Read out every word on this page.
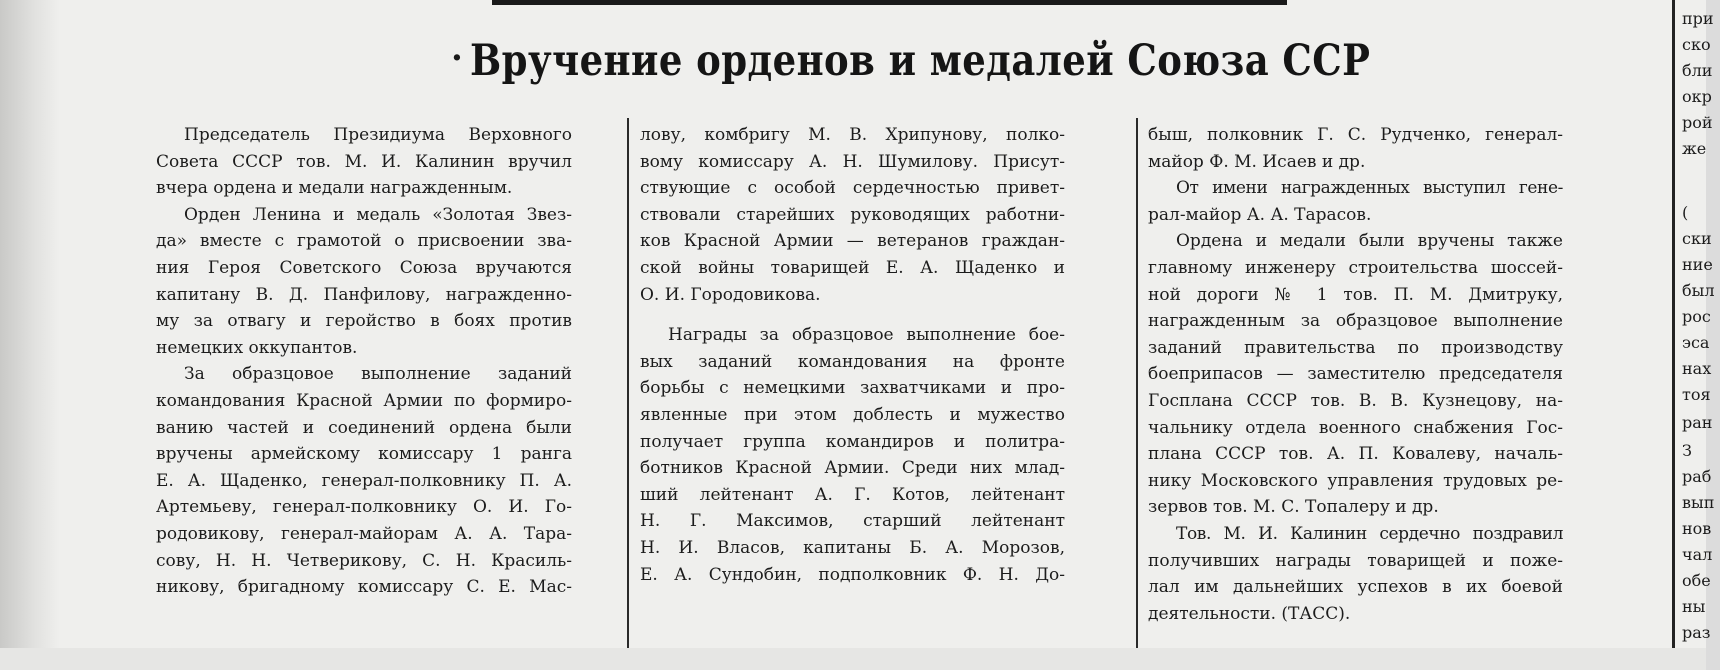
· Вручение орденов и медалей Союза ССР
Председатель Президиума Верховного
Совета СССР тов. М. И. Калинин вручил
вчера ордена и медали награжденным.
Орден Ленина и медаль «Золотая Звез-
да» вместе с грамотой о присвоении зва-
ния Героя Советского Союза вручаются
капитану В. Д. Панфилову, награжденно-
му за отвагу и геройство в боях против
немецких оккупантов.
За образцовое выполнение заданий
командования Красной Армии по формиро-
ванию частей и соединений ордена были
вручены армейскому комиссару 1 ранга
Е. А. Щаденко, генерал-полковнику П. А.
Артемьеву, генерал-полковнику О. И. Го-
родовикову, генерал-майорам А. А. Тара-
сову, Н. Н. Четверикову, С. Н. Красиль-
никову, бригадному комиссару С. Е. Мас-
лову, комбригу М. В. Хрипунову, полко-
вому комиссару А. Н. Шумилову. Присут-
ствующие с особой сердечностью привет-
ствовали старейших руководящих работни-
ков Красной Армии — ветеранов граждан-
ской войны товарищей Е. А. Щаденко и
О. И. Городовикова.
Награды за образцовое выполнение бое-
вых заданий командования на фронте
борьбы с немецкими захватчиками и про-
явленные при этом доблесть и мужество
получает группа командиров и политра-
ботников Красной Армии. Среди них млад-
ший лейтенант А. Г. Котов, лейтенант
Н. Г. Максимов, старший лейтенант
Н. И. Власов, капитаны Б. А. Морозов,
Е. А. Сундобин, подполковник Ф. Н. До-
быш, полковник Г. С. Рудченко, генерал-
майор Ф. М. Исаев и др.
От имени награжденных выступил гене-
рал-майор А. А. Тарасов.
Ордена и медали были вручены также
главному инженеру строительства шоссей-
ной дороги № 1 тов. П. М. Дмитруку,
награжденным за образцовое выполнение
заданий правительства по производству
боеприпасов — заместителю председателя
Госплана СССР тов. В. В. Кузнецову, на-
чальнику отдела военного снабжения Гос-
плана СССР тов. А. П. Ковалеву, началь-
нику Московского управления трудовых ре-
зервов тов. М. С. Топалеру и др.
Тов. М. И. Калинин сердечно поздравил
получивших награды товарищей и поже-
лал им дальнейших успехов в их боевой
деятельности. (ТАСС).
при
ско
бли
окр
рой
же
(
ски
ние
был
рос
эса
нах
тоя
ран
З
раб
вып
нов
чал
обе
ны
раз
